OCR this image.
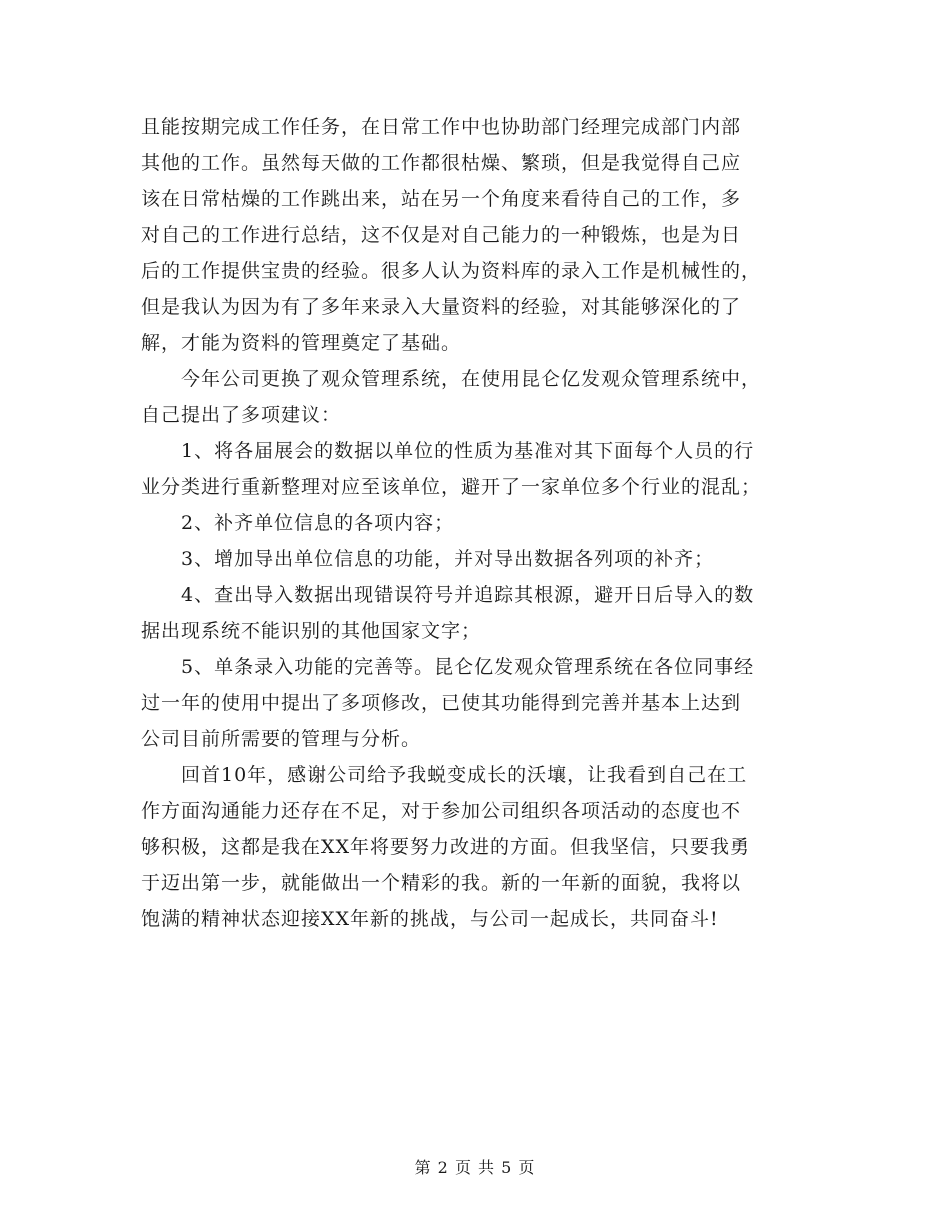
且能按期完成工作任务，在日常工作中也协助部门经理完成部门内部
其他的工作。虽然每天做的工作都很枯燥、繁琐，但是我觉得自己应
该在日常枯燥的工作跳出来，站在另一个角度来看待自己的工作，多
对自己的工作进行总结，这不仅是对自己能力的一种锻炼，也是为日
后的工作提供宝贵的经验。很多人认为资料库的录入工作是机械性的，
但是我认为因为有了多年来录入大量资料的经验，对其能够深化的了
解，才能为资料的管理奠定了基础。
　　今年公司更换了观众管理系统，在使用昆仑亿发观众管理系统中，
自己提出了多项建议：
　　1、将各届展会的数据以单位的性质为基准对其下面每个人员的行
业分类进行重新整理对应至该单位，避开了一家单位多个行业的混乱；
　　2、补齐单位信息的各项内容；
　　3、增加导出单位信息的功能，并对导出数据各列项的补齐；
　　4、查出导入数据出现错误符号并追踪其根源，避开日后导入的数
据出现系统不能识别的其他国家文字；
　　5、单条录入功能的完善等。昆仑亿发观众管理系统在各位同事经
过一年的使用中提出了多项修改，已使其功能得到完善并基本上达到
公司目前所需要的管理与分析。
　　回首10年，感谢公司给予我蜕变成长的沃壤，让我看到自己在工
作方面沟通能力还存在不足，对于参加公司组织各项活动的态度也不
够积极，这都是我在XX年将要努力改进的方面。但我坚信，只要我勇
于迈出第一步，就能做出一个精彩的我。新的一年新的面貌，我将以
饱满的精神状态迎接XX年新的挑战，与公司一起成长，共同奋斗!
第 2 页 共 5 页
